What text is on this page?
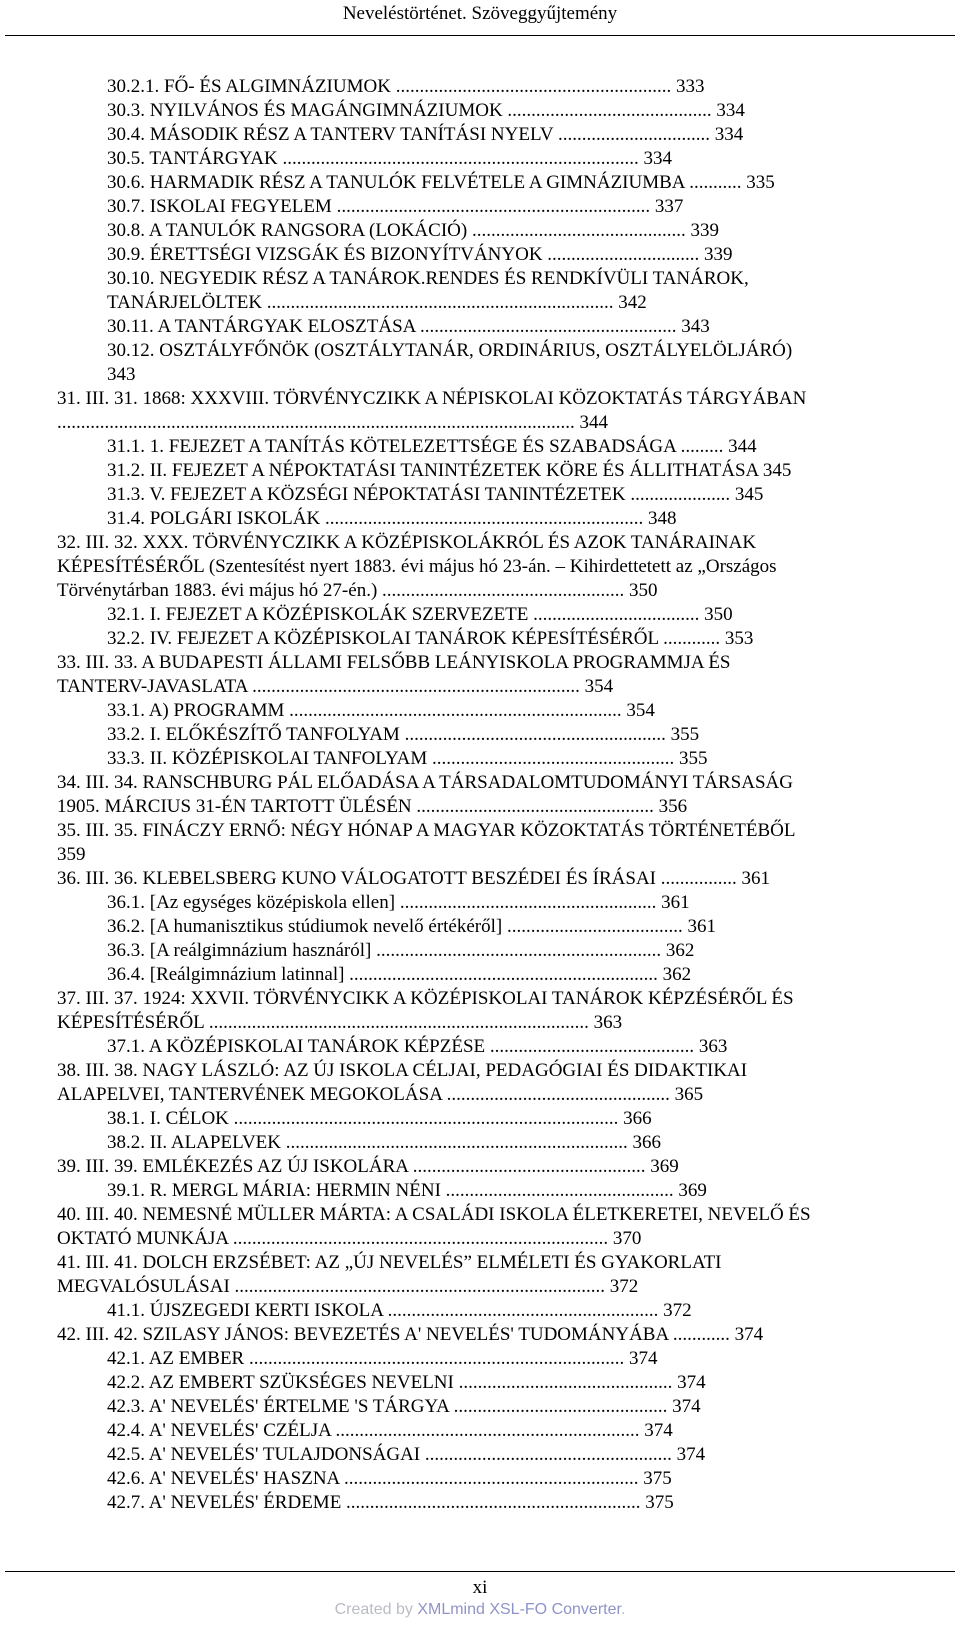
Neveléstörténet. Szöveggyűjtemény
30.2.1. FŐ- ÉS ALGIMNÁZIUMOK .......................................................... 333
30.3. NYILVÁNOS ÉS MAGÁNGIMNÁZIUMOK ........................................... 334
30.4. MÁSODIK RÉSZ A TANTERV TANÍTÁSI NYELV ................................ 334
30.5. TANTÁRGYAK ........................................................................... 334
30.6. HARMADIK RÉSZ A TANULÓK FELVÉTELE A GIMNÁZIUMBA ........... 335
30.7. ISKOLAI FEGYELEM .................................................................. 337
30.8. A TANULÓK RANGSORA (LOKÁCIÓ) ............................................. 339
30.9. ÉRETTSÉGI VIZSGÁK ÉS BIZONYÍTVÁNYOK ................................ 339
30.10. NEGYEDIK RÉSZ A TANÁROK.RENDES ÉS RENDKÍVÜLI TANÁROK,
TANÁRJELÖLTEK ......................................................................... 342
30.11. A TANTÁRGYAK ELOSZTÁSA ...................................................... 343
30.12. OSZTÁLYFŐNÖK (OSZTÁLYTANÁR, ORDINÁRIUS, OSZTÁLYELÖLJÁRÓ)
343
31. III. 31. 1868: XXXVIII. TÖRVÉNYCZIKK A NÉPISKOLAI KÖZOKTATÁS TÁRGYÁBAN
............................................................................................................. 344
31.1. 1. FEJEZET A TANÍTÁS KÖTELEZETTSÉGE ÉS SZABADSÁGA ......... 344
31.2. II. FEJEZET A NÉPOKTATÁSI TANINTÉZETEK KÖRE ÉS ÁLLITHATÁSA 345
31.3. V. FEJEZET A KÖZSÉGI NÉPOKTATÁSI TANINTÉZETEK ..................... 345
31.4. POLGÁRI ISKOLÁK ................................................................... 348
32. III. 32. XXX. TÖRVÉNYCZIKK A KÖZÉPISKOLÁKRÓL ÉS AZOK TANÁRAINAK
KÉPESÍTÉSÉRŐL (Szentesítést nyert 1883. évi május hó 23-án. – Kihirdettetett az „Országos
Törvénytárban 1883. évi május hó 27-én.) ................................................... 350
32.1. I. FEJEZET A KÖZÉPISKOLÁK SZERVEZETE ................................... 350
32.2. IV. FEJEZET A KÖZÉPISKOLAI TANÁROK KÉPESÍTÉSÉRŐL ............ 353
33. III. 33. A BUDAPESTI ÁLLAMI FELSŐBB LEÁNYISKOLA PROGRAMMJA ÉS
TANTERV-JAVASLATA ..................................................................... 354
33.1. A) PROGRAMM ...................................................................... 354
33.2. I. ELŐKÉSZÍTŐ TANFOLYAM ....................................................... 355
33.3. II. KÖZÉPISKOLAI TANFOLYAM ................................................... 355
34. III. 34. RANSCHBURG PÁL ELŐADÁSA A TÁRSADALOMTUDOMÁNYI TÁRSASÁG
1905. MÁRCIUS 31-ÉN TARTOTT ÜLÉSÉN .................................................. 356
35. III. 35. FINÁCZY ERNŐ: NÉGY HÓNAP A MAGYAR KÖZOKTATÁS TÖRTÉNETÉBŐL
359
36. III. 36. KLEBELSBERG KUNO VÁLOGATOTT BESZÉDEI ÉS ÍRÁSAI ................ 361
36.1. [Az egységes középiskola ellen] ...................................................... 361
36.2. [A humanisztikus stúdiumok nevelő értékéről] ..................................... 361
36.3. [A reálgimnázium hasznáról] ............................................................ 362
36.4. [Reálgimnázium latinnal] ................................................................. 362
37. III. 37. 1924: XXVII. TÖRVÉNYCIKK A KÖZÉPISKOLAI TANÁROK KÉPZÉSÉRŐL ÉS
KÉPESÍTÉSÉRŐL ................................................................................ 363
37.1. A KÖZÉPISKOLAI TANÁROK KÉPZÉSE ........................................... 363
38. III. 38. NAGY LÁSZLÓ: AZ ÚJ ISKOLA CÉLJAI, PEDAGÓGIAI ÉS DIDAKTIKAI
ALAPELVEI, TANTERVÉNEK MEGOKOLÁSA ............................................... 365
38.1. I. CÉLOK ................................................................................. 366
38.2. II. ALAPELVEK ........................................................................ 366
39. III. 39. EMLÉKEZÉS AZ ÚJ ISKOLÁRA ................................................. 369
39.1. R. MERGL MÁRIA: HERMIN NÉNI ................................................ 369
40. III. 40. NEMESNÉ MÜLLER MÁRTA: A CSALÁDI ISKOLA ÉLETKERETEI, NEVELŐ ÉS
OKTATÓ MUNKÁJA ............................................................................... 370
41. III. 41. DOLCH ERZSÉBET: AZ „ÚJ NEVELÉS” ELMÉLETI ÉS GYAKORLATI
MEGVALÓSULÁSAI .............................................................................. 372
41.1. ÚJSZEGEDI KERTI ISKOLA ......................................................... 372
42. III. 42. SZILASY JÁNOS: BEVEZETÉS A' NEVELÉS' TUDOMÁNYÁBA ............ 374
42.1. AZ EMBER ............................................................................... 374
42.2. AZ EMBERT SZÜKSÉGES NEVELNI ............................................. 374
42.3. A' NEVELÉS' ÉRTELME 'S TÁRGYA ............................................. 374
42.4. A' NEVELÉS' CZÉLJA ................................................................ 374
42.5. A' NEVELÉS' TULAJDONSÁGAI .................................................... 374
42.6. A' NEVELÉS' HASZNA .............................................................. 375
42.7. A' NEVELÉS' ÉRDEME .............................................................. 375
xi
Created by XMLmind XSL-FO Converter.
